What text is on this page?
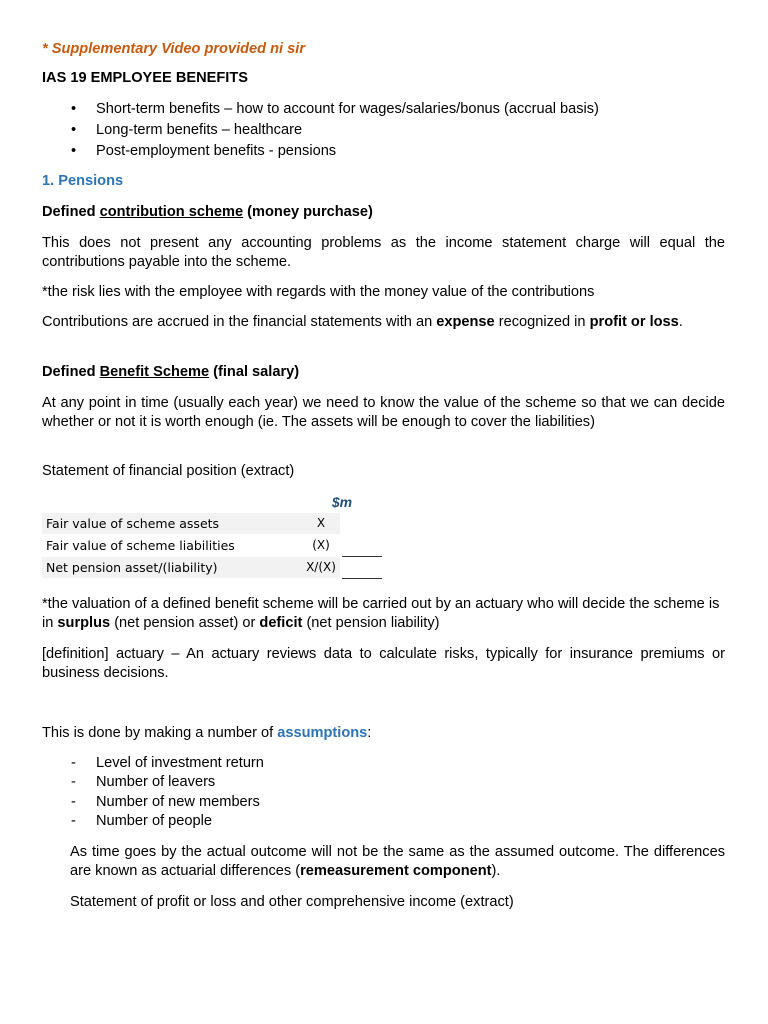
* Supplementary Video provided ni sir

IAS 19 EMPLOYEE BENEFITS

• Short-term benefits – how to account for wages/salaries/bonus (accrual basis)
• Long-term benefits – healthcare
• Post-employment benefits - pensions

1. Pensions

Defined contribution scheme (money purchase)

This does not present any accounting problems as the income statement charge will equal the contributions payable into the scheme.

*the risk lies with the employee with regards with the money value of the contributions

Contributions are accrued in the financial statements with an expense recognized in profit or loss.

Defined Benefit Scheme (final salary)

At any point in time (usually each year) we need to know the value of the scheme so that we can decide whether or not it is worth enough (ie. The assets will be enough to cover the liabilities)

Statement of financial position (extract)

$m
Fair value of scheme assets	X
Fair value of scheme liabilities	(X)
Net pension asset/(liability)	X/(X)

*the valuation of a defined benefit scheme will be carried out by an actuary who will decide the scheme is in surplus (net pension asset) or deficit (net pension liability)

[definition] actuary – An actuary reviews data to calculate risks, typically for insurance premiums or business decisions.

This is done by making a number of assumptions:

- Level of investment return
- Number of leavers
- Number of new members
- Number of people

As time goes by the actual outcome will not be the same as the assumed outcome. The differences are known as actuarial differences (remeasurement component).

Statement of profit or loss and other comprehensive income (extract)
